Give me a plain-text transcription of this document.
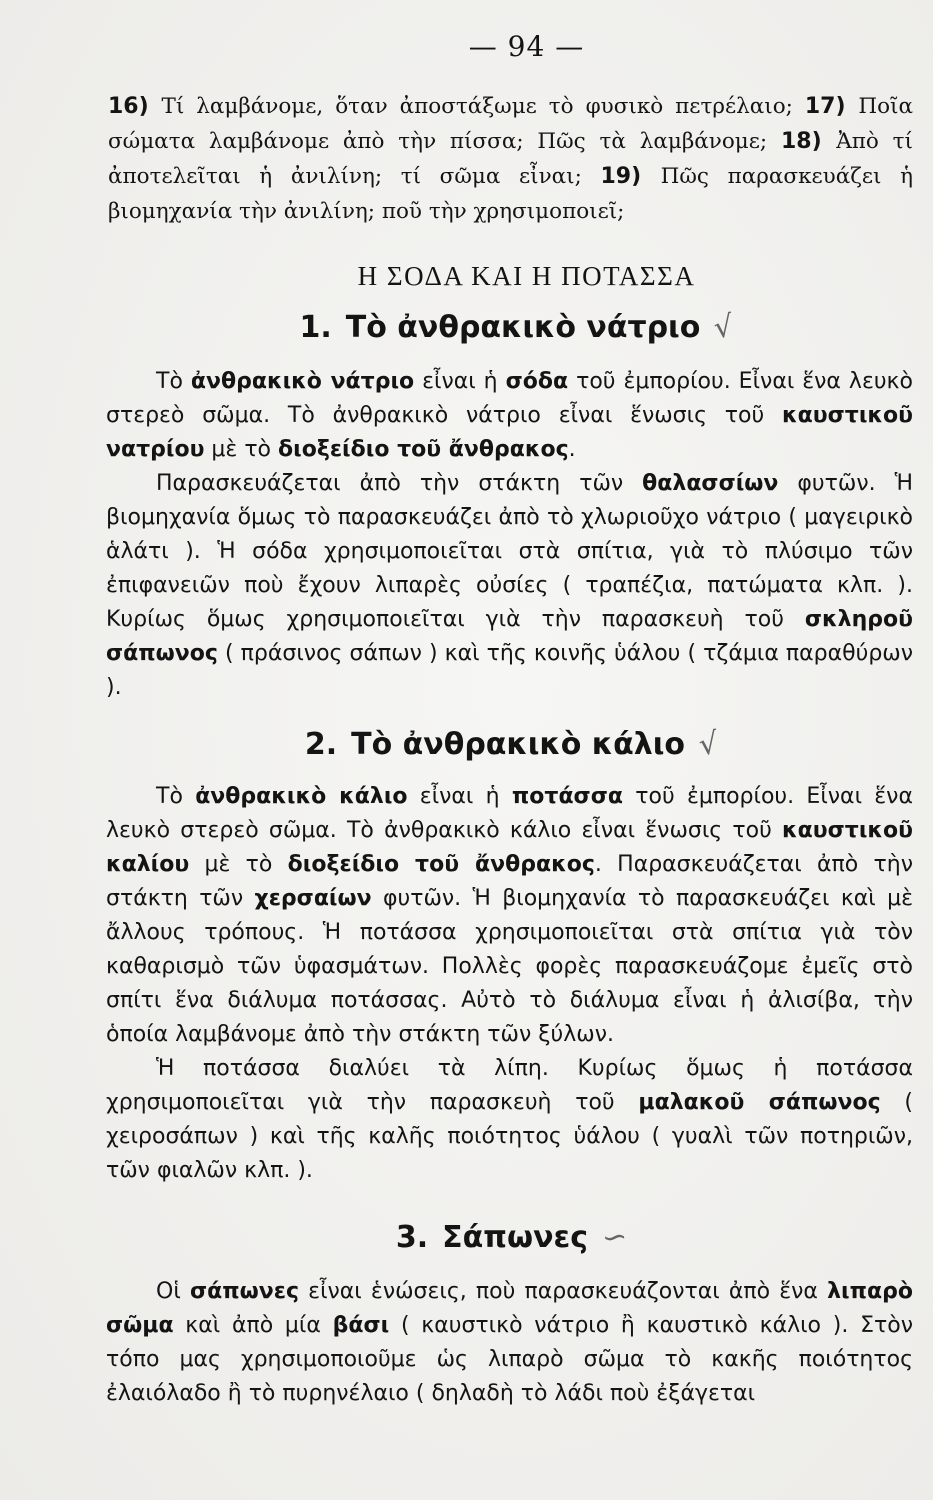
— 94 —

16) Τί λαμβάνομε, ὅταν ἀποστάξωμε τὸ φυσικὸ πετρέλαιο; 17) Ποῖα σώματα λαμβάνομε ἀπὸ τὴν πίσσα; Πῶς τὰ λαμβάνομε; 18) Ἀπὸ τί ἀποτελεῖται ἡ ἀνιλίνη; τί σῶμα εἶναι; 19) Πῶς παρασκευάζει ἡ βιομηχανία τὴν ἀνιλίνη; ποῦ τὴν χρησιμοποιεῖ;

Η ΣΟΔΑ ΚΑΙ Η ΠΟΤΑΣΣΑ
1. Τὸ ἀνθρακικὸ νάτριο √

Τὸ ἀνθρακικὸ νάτριο εἶναι ἡ σόδα τοῦ ἐμπορίου. Εἶναι ἕνα λευκὸ στερεὸ σῶμα. Τὸ ἀνθρακικὸ νάτριο εἶναι ἕνωσις τοῦ καυστικοῦ νατρίου μὲ τὸ διοξείδιο τοῦ ἄνθρακος.

Παρασκευάζεται ἀπὸ τὴν στάκτη τῶν θαλασσίων φυτῶν. Ἡ βιομηχανία ὅμως τὸ παρασκευάζει ἀπὸ τὸ χλωριοῦχο νάτριο ( μαγειρικὸ ἁλάτι ). Ἡ σόδα χρησιμοποιεῖται στὰ σπίτια, γιὰ τὸ πλύσιμο τῶν ἐπιφανειῶν ποὺ ἔχουν λιπαρὲς οὐσίες ( τραπέζια, πατώματα κλπ. ). Κυρίως ὅμως χρησιμοποιεῖται γιὰ τὴν παρασκευὴ τοῦ σκληροῦ σάπωνος ( πράσινος σάπων ) καὶ τῆς κοινῆς ὑάλου ( τζάμια παραθύρων ).

2. Τὸ ἀνθρακικὸ κάλιο √

Τὸ ἀνθρακικὸ κάλιο εἶναι ἡ ποτάσσα τοῦ ἐμπορίου. Εἶναι ἕνα λευκὸ στερεὸ σῶμα. Τὸ ἀνθρακικὸ κάλιο εἶναι ἕνωσις τοῦ καυστικοῦ καλίου μὲ τὸ διοξείδιο τοῦ ἄνθρακος. Παρασκευάζεται ἀπὸ τὴν στάκτη τῶν χερσαίων φυτῶν. Ἡ βιομηχανία τὸ παρασκευάζει καὶ μὲ ἄλλους τρόπους. Ἡ ποτάσσα χρησιμοποιεῖται στὰ σπίτια γιὰ τὸν καθαρισμὸ τῶν ὑφασμάτων. Πολλὲς φορὲς παρασκευάζομε ἐμεῖς στὸ σπίτι ἕνα διάλυμα ποτάσσας. Αὐτὸ τὸ διάλυμα εἶναι ἡ ἀλισίβα, τὴν ὁποία λαμβάνομε ἀπὸ τὴν στάκτη τῶν ξύλων.

Ἡ ποτάσσα διαλύει τὰ λίπη. Κυρίως ὅμως ἡ ποτάσσα χρησιμοποιεῖται γιὰ τὴν παρασκευὴ τοῦ μαλακοῦ σάπωνος ( χειροσάπων ) καὶ τῆς καλῆς ποιότητος ὑάλου ( γυαλὶ τῶν ποτηριῶν, τῶν φιαλῶν κλπ. ).

3. Σάπωνες ∽

Οἱ σάπωνες εἶναι ἑνώσεις, ποὺ παρασκευάζονται ἀπὸ ἕνα λιπαρὸ σῶμα καὶ ἀπὸ μία βάσι ( καυστικὸ νάτριο ἢ καυστικὸ κάλιο ). Στὸν τόπο μας χρησιμοποιοῦμε ὡς λιπαρὸ σῶμα τὸ κακῆς ποιότητος ἐλαιόλαδο ἢ τὸ πυρηνέλαιο ( δηλαδὴ τὸ λάδι ποὺ ἐξάγεται
